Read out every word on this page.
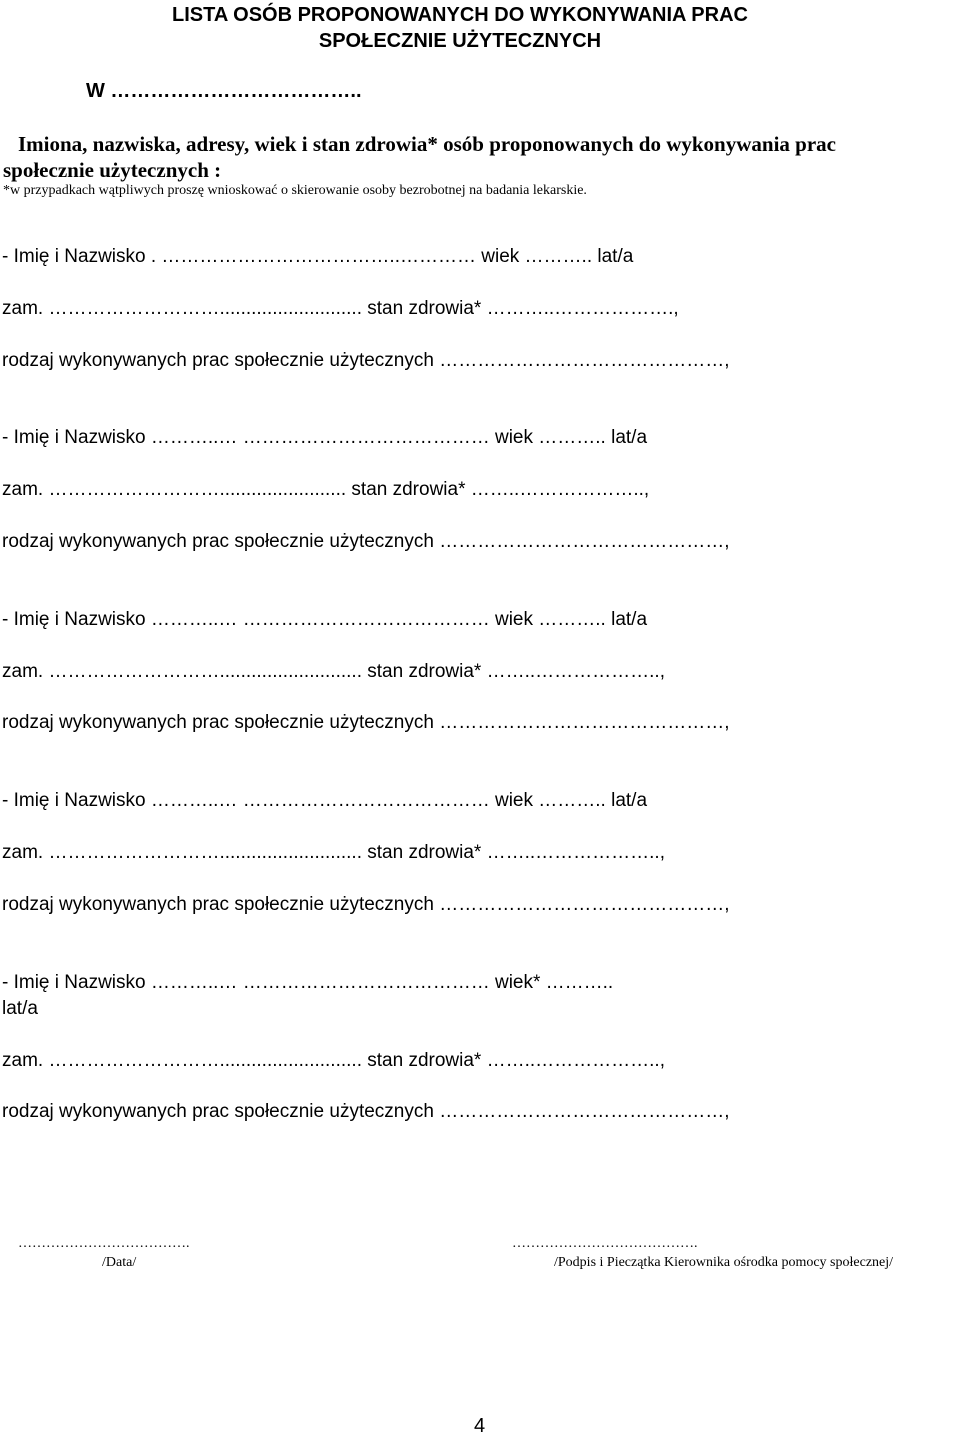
LISTA OSÓB PROPONOWANYCH DO WYKONYWANIA PRAC
SPOŁECZNIE UŻYTECZNYCH
W ………………………………..
Imiona, nazwiska, adresy, wiek i stan zdrowia* osób proponowanych do wykonywania prac
społecznie użytecznych :
*w przypadkach wątpliwych proszę wnioskować o skierowanie osoby bezrobotnej na badania lekarskie.
- Imię i Nazwisko . ………………………………..………… wiek ……….. lat/a
zam. ………………………........................... stan zdrowia* ………..……………….,
rodzaj wykonywanych prac społecznie użytecznych ………………………………………,
- Imię i Nazwisko ………..… ………………………………… wiek ……….. lat/a
zam. ………………………........................ stan zdrowia* ……..………………..,
rodzaj wykonywanych prac społecznie użytecznych ………………………………………,
- Imię i Nazwisko ………..… ………………………………… wiek ……….. lat/a
zam. ………………………........................... stan zdrowia* ……..………………..,
rodzaj wykonywanych prac społecznie użytecznych ………………………………………,
- Imię i Nazwisko ………..… ………………………………… wiek ……….. lat/a
zam. ………………………........................... stan zdrowia* ……..………………..,
rodzaj wykonywanych prac społecznie użytecznych ………………………………………,
- Imię i Nazwisko ………..… ………………………………… wiek* ………..
lat/a
zam. ………………………........................... stan zdrowia* ……..………………..,
rodzaj wykonywanych prac społecznie użytecznych ………………………………………,
……………………………….
/Data/
………………………………….
/Podpis i Pieczątka Kierownika ośrodka pomocy społecznej/
4
